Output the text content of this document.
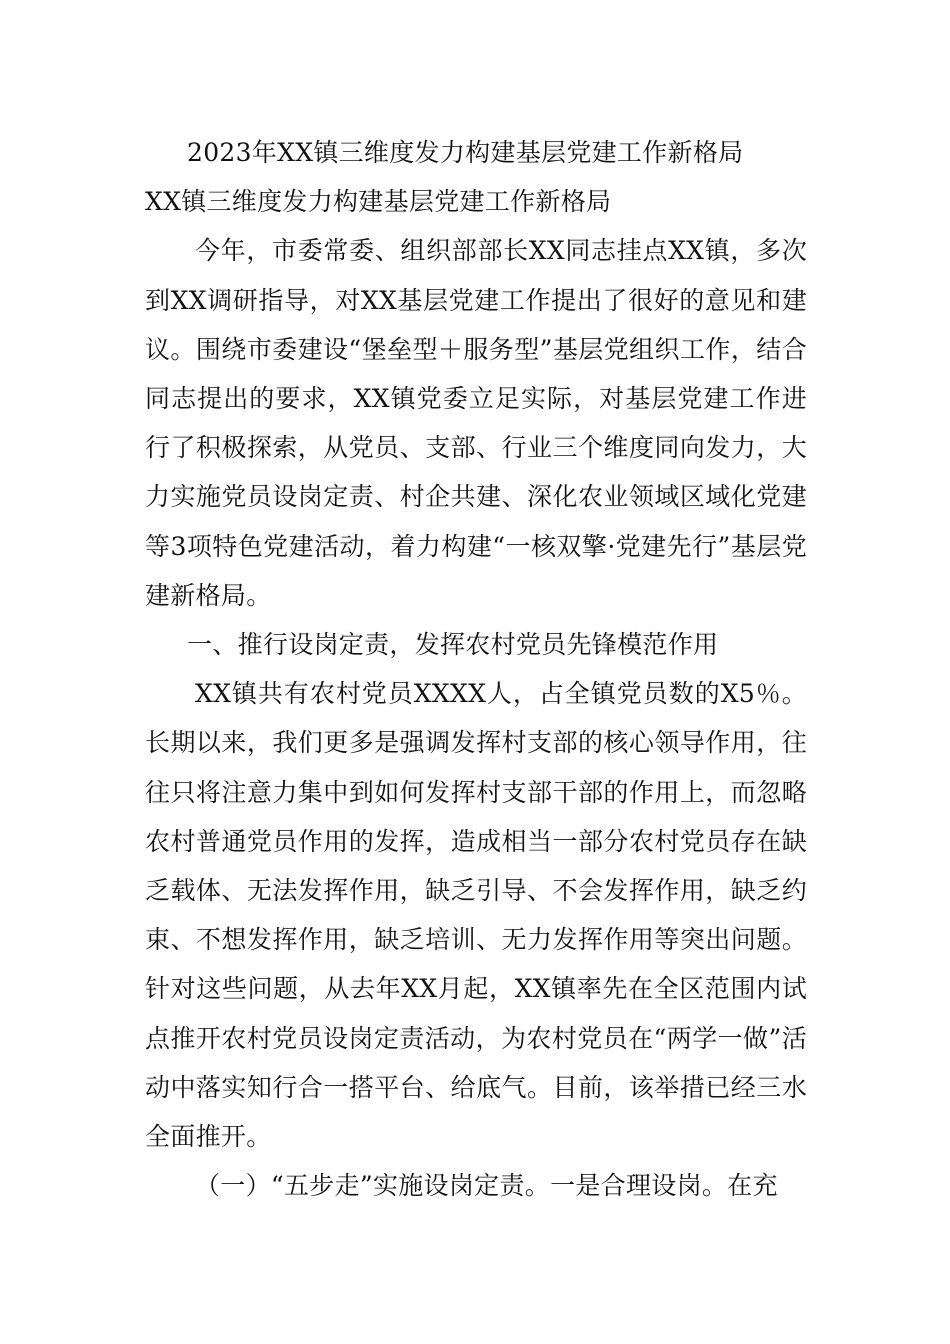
2023年XX镇三维度发力构建基层党建工作新格局
XX镇三维度发力构建基层党建工作新格局

今年，市委常委、组织部部长XX同志挂点XX镇，多次到XX调研指导，对XX基层党建工作提出了很好的意见和建议。围绕市委建设“堡垒型＋服务型”基层党组织工作，结合同志提出的要求，XX镇党委立足实际，对基层党建工作进行了积极探索，从党员、支部、行业三个维度同向发力，大力实施党员设岗定责、村企共建、深化农业领域区域化党建等3项特色党建活动，着力构建“一核双擎·党建先行”基层党建新格局。

一、推行设岗定责，发挥农村党员先锋模范作用

XX镇共有农村党员XXXX人，占全镇党员数的X5％。长期以来，我们更多是强调发挥村支部的核心领导作用，往往只将注意力集中到如何发挥村支部干部的作用上，而忽略农村普通党员作用的发挥，造成相当一部分农村党员存在缺乏载体、无法发挥作用，缺乏引导、不会发挥作用，缺乏约束、不想发挥作用，缺乏培训、无力发挥作用等突出问题。针对这些问题，从去年XX月起，XX镇率先在全区范围内试点推开农村党员设岗定责活动，为农村党员在“两学一做”活动中落实知行合一搭平台、给底气。目前，该举措已经三水全面推开。

（一）“五步走”实施设岗定责。一是合理设岗。在充
